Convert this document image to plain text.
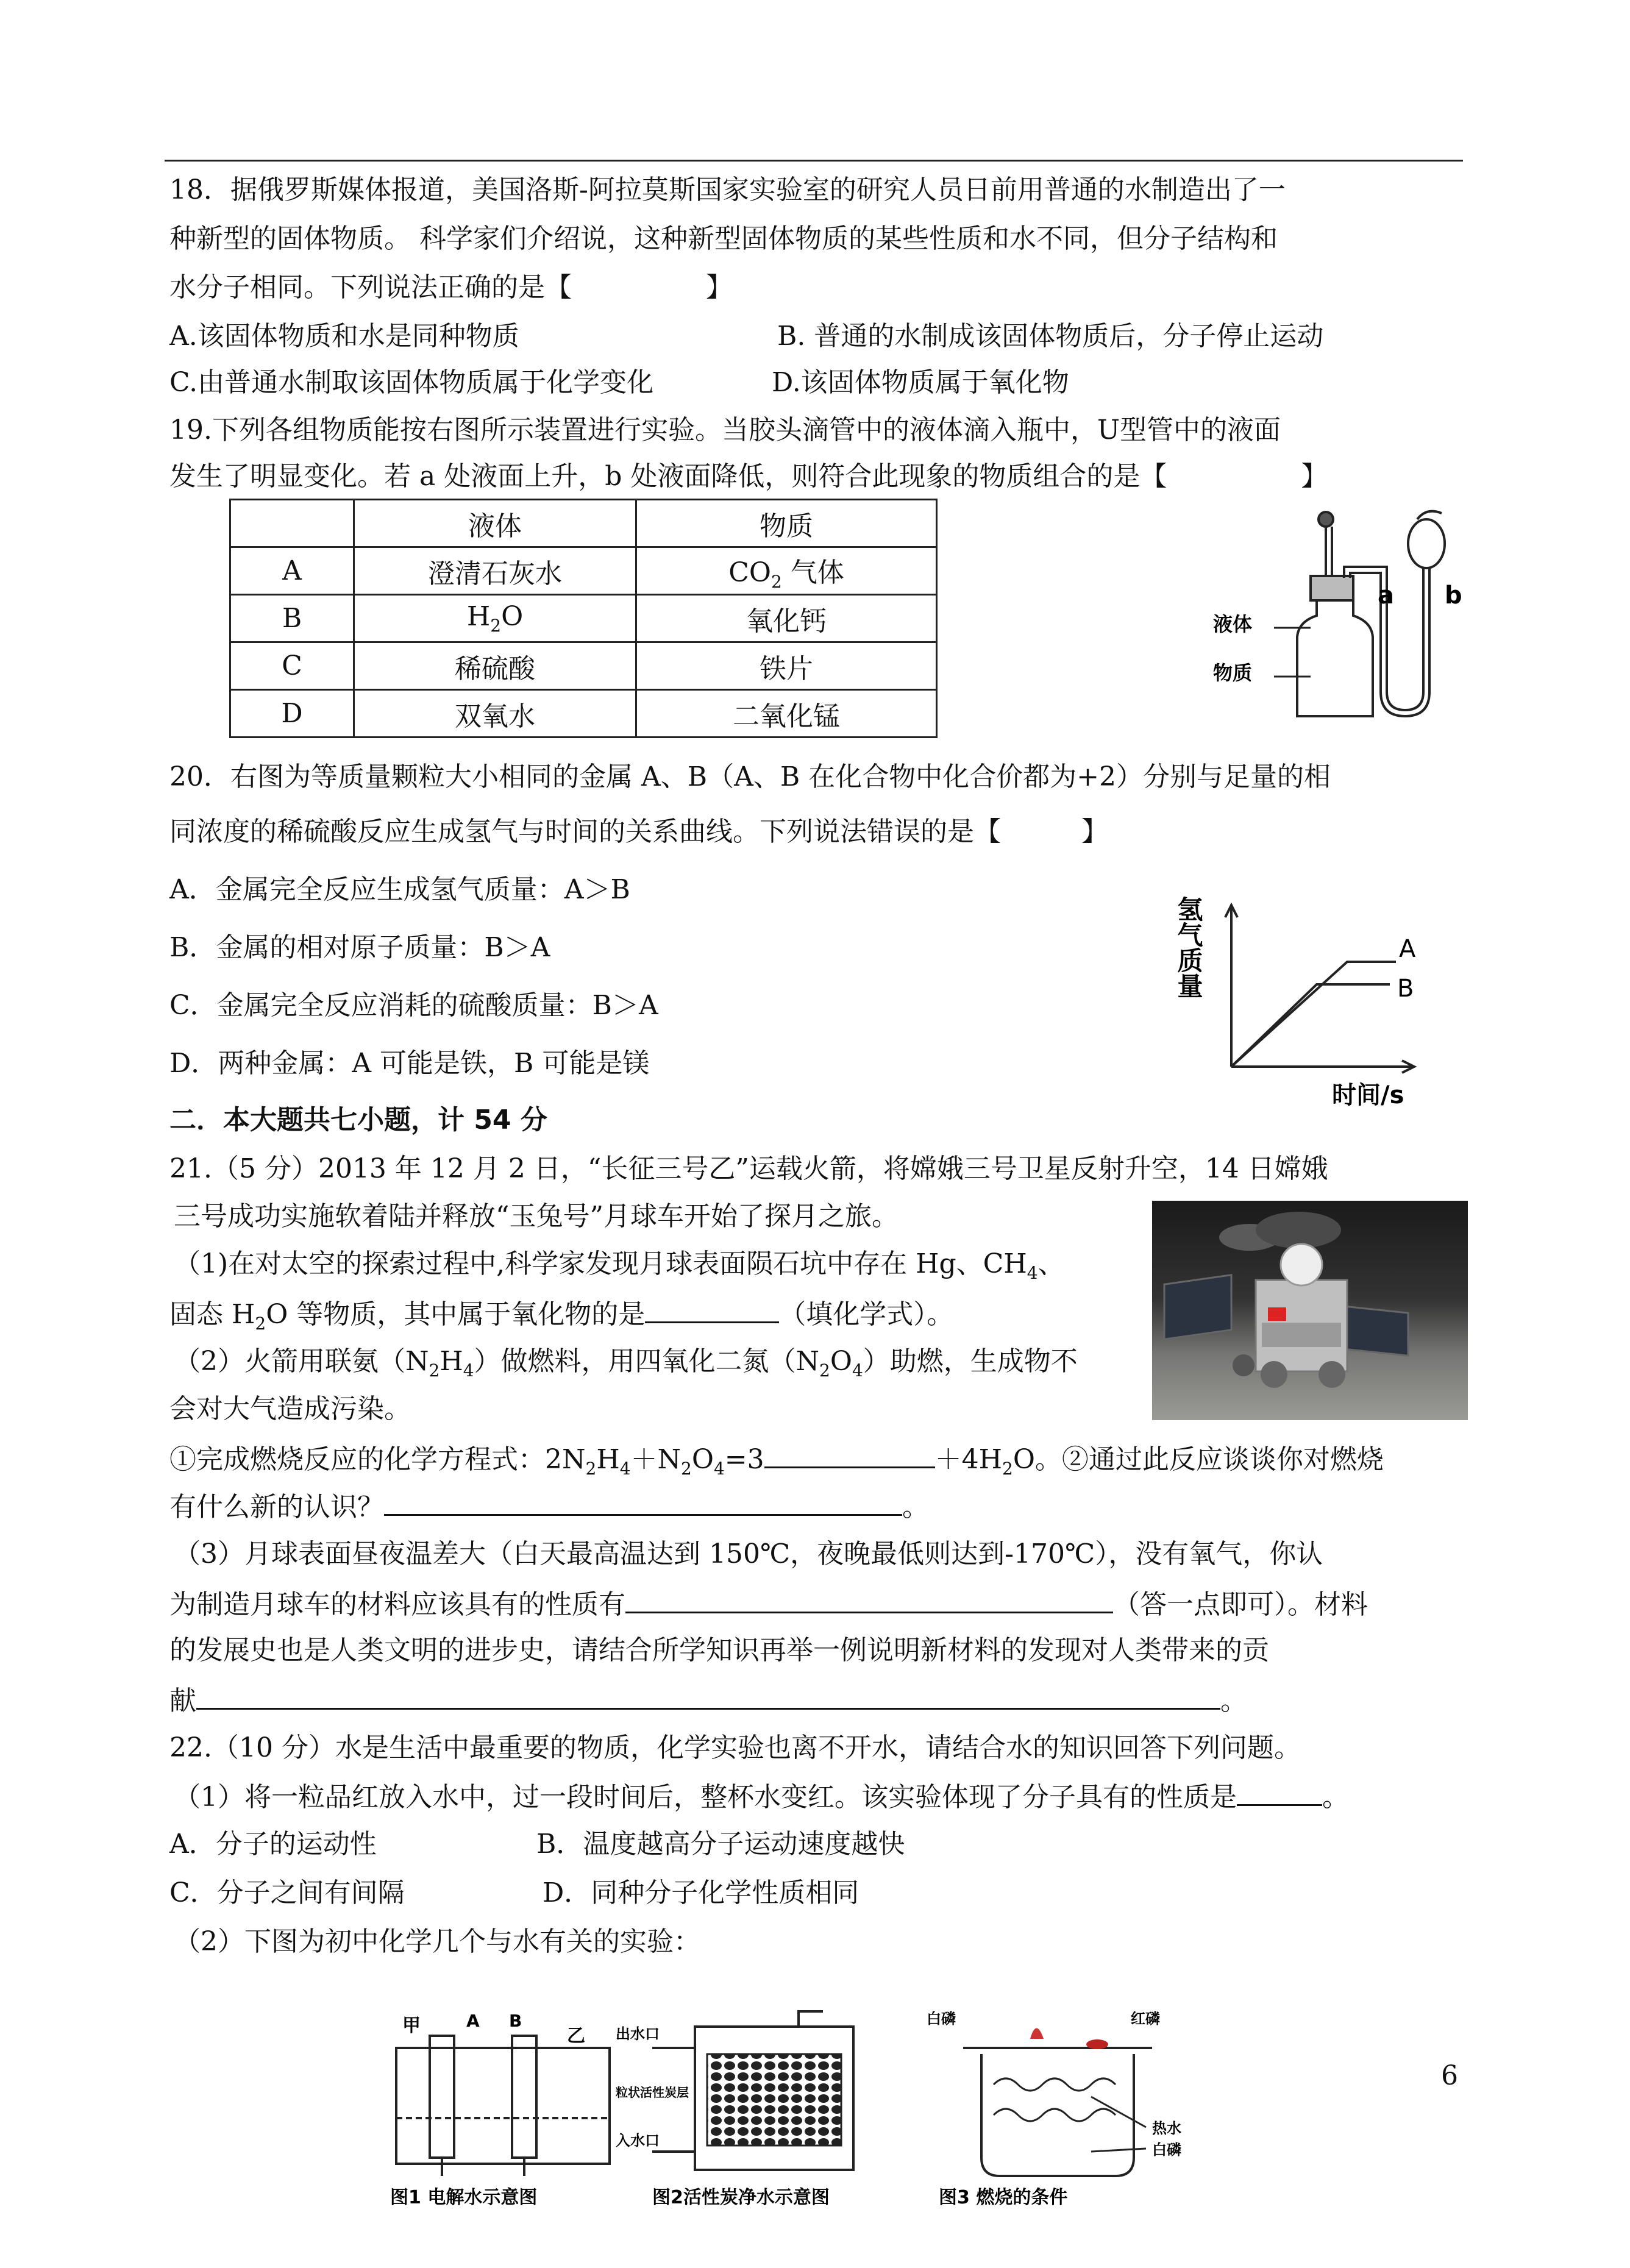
18．据俄罗斯媒体报道，美国洛斯-阿拉莫斯国家实验室的研究人员日前用普通的水制造出了一
种新型的固体物质。 科学家们介绍说，这种新型固体物质的某些性质和水不同，但分子结构和
水分子相同。下列说法正确的是【　　　　　】
A.该固体物质和水是同种物质	B. 普通的水制成该固体物质后，分子停止运动
C.由普通水制取该固体物质属于化学变化	D.该固体物质属于氧化物
19.下列各组物质能按右图所示装置进行实验。当胶头滴管中的液体滴入瓶中，U型管中的液面
发生了明显变化。若 a 处液面上升，b 处液面降低，则符合此现象的物质组合的是【　　　　　】
	液体	物质
A	澄清石灰水	$CO_2$ 气体
B	$H_2O$	氧化钙
C	稀硫酸	铁片
D	双氧水	二氧化锰
a b
液体
物质
20．右图为等质量颗粒大小相同的金属 A、B（A、B 在化合物中化合价都为+2）分别与足量的相
同浓度的稀硫酸反应生成氢气与时间的关系曲线。下列说法错误的是【　　　】
A．金属完全反应生成氢气质量：A＞B
B．金属的相对原子质量：B＞A
C．金属完全反应消耗的硫酸质量：B＞A
D．两种金属：A 可能是铁，B 可能是镁
氢气质量	A
B
时间/s
二．本大题共七小题，计 54 分
21.（5 分）2013 年 12 月 2 日，“长征三号乙”运载火箭，将嫦娥三号卫星反射升空，14 日嫦娥
三号成功实施软着陆并释放“玉兔号”月球车开始了探月之旅。
（1)在对太空的探索过程中,科学家发现月球表面陨石坑中存在 Hg、$CH_4$、
固态 $H_2O$ 等物质，其中属于氧化物的是	（填化学式）。
（2）火箭用联氨$(N_2H_4)$做燃料，用四氧化二氮$(N_2O_4)$助燃，生成物不
会对大气造成污染。
①完成燃烧反应的化学方程式：$2N_2H_4+N_2O_4=3$	$+4H_2O$。②通过此反应谈谈你对燃烧
有什么新的认识？	。
（3）月球表面昼夜温差大（白天最高温达到 150℃，夜晚最低则达到-170℃），没有氧气，你认
为制造月球车的材料应该具有的性质有	（答一点即可）。材料
的发展史也是人类文明的进步史，请结合所学知识再举一例说明新材料的发现对人类带来的贡
献	。
22.（10 分）水是生活中最重要的物质，化学实验也离不开水，请结合水的知识回答下列问题。
（1）将一粒品红放入水中，过一段时间后，整杯水变红。该实验体现了分子具有的性质是	。
A．分子的运动性	B．温度越高分子运动速度越快
C．分子之间有间隔	D．同种分子化学性质相同
（2）下图为初中化学几个与水有关的实验：
甲	A B
乙
图1 电解水示意图
出水口
粒状活性炭层
入水口
图2活性炭净水示意图
白磷	红磷
热水
白磷
图3 燃烧的条件
6
